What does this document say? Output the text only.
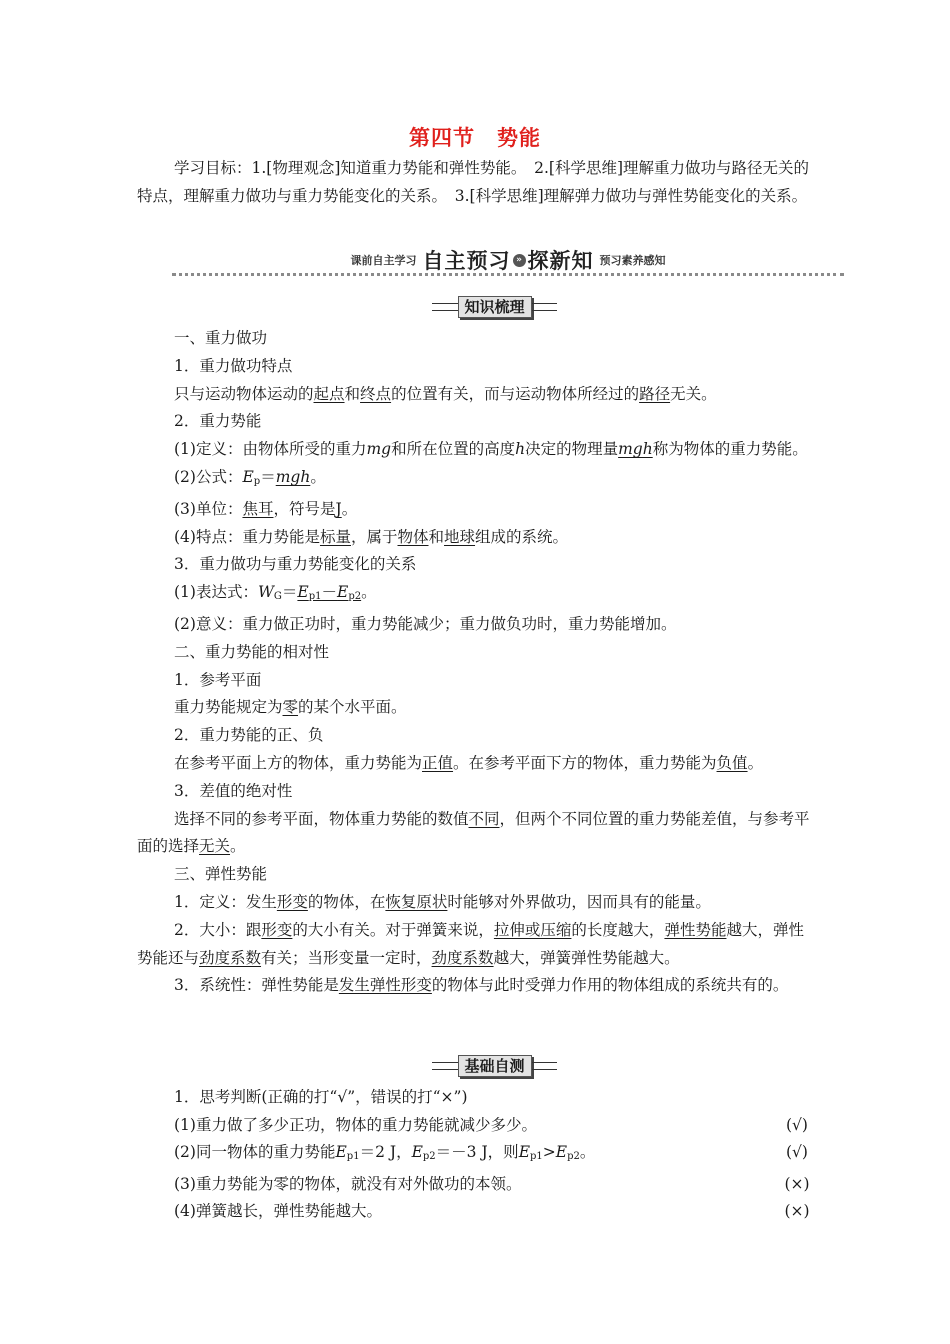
第四节　势能
学习目标：1.[物理观念]知道重力势能和弹性势能。　2.[科学思维]理解重力做功与路径无关的特点，理解重力做功与重力势能变化的关系。　3.[科学思维]理解弹力做功与弹性势能变化的关系。
课前自主学习 自主预习 » 探新知 预习素养感知
知识梳理

一、重力做功

1．重力做功特点

只与运动物体运动的起点和终点的位置有关，而与运动物体所经过的路径无关。

2．重力势能

(1)定义：由物体所受的重力mg和所在位置的高度h决定的物理量mgh称为物体的重力势能。

(2)公式：$E_p=mgh$。

(3)单位：焦耳，符号是J。

(4)特点：重力势能是标量，属于物体和地球组成的系统。

3．重力做功与重力势能变化的关系

(1)表达式：$W_G=E_{p1}-E_{p2}$。

(2)意义：重力做正功时，重力势能减少；重力做负功时，重力势能增加。

二、重力势能的相对性

1．参考平面

重力势能规定为零的某个水平面。

2．重力势能的正、负

在参考平面上方的物体，重力势能为正值。在参考平面下方的物体，重力势能为负值。

3．差值的绝对性

选择不同的参考平面，物体重力势能的数值不同，但两个不同位置的重力势能差值，与参考平面的选择无关。

三、弹性势能

1．定义：发生形变的物体，在恢复原状时能够对外界做功，因而具有的能量。

2．大小：跟形变的大小有关。对于弹簧来说，拉伸或压缩的长度越大，弹性势能越大，弹性势能还与劲度系数有关；当形变量一定时，劲度系数越大，弹簧弹性势能越大。

3．系统性：弹性势能是发生弹性形变的物体与此时受弹力作用的物体组成的系统共有的。

基础自测

1．思考判断(正确的打“√”，错误的打“×”)

(1)重力做了多少正功，物体的重力势能就减少多少。	(√)
(2)同一物体的重力势能$E_{p1}=2$ J，$E_{p2}=-3$ J，则$E_{p1}>E_{p2}$。	(√)
(3)重力势能为零的物体，就没有对外做功的本领。	(×)
(4)弹簧越长，弹性势能越大。	(×)
